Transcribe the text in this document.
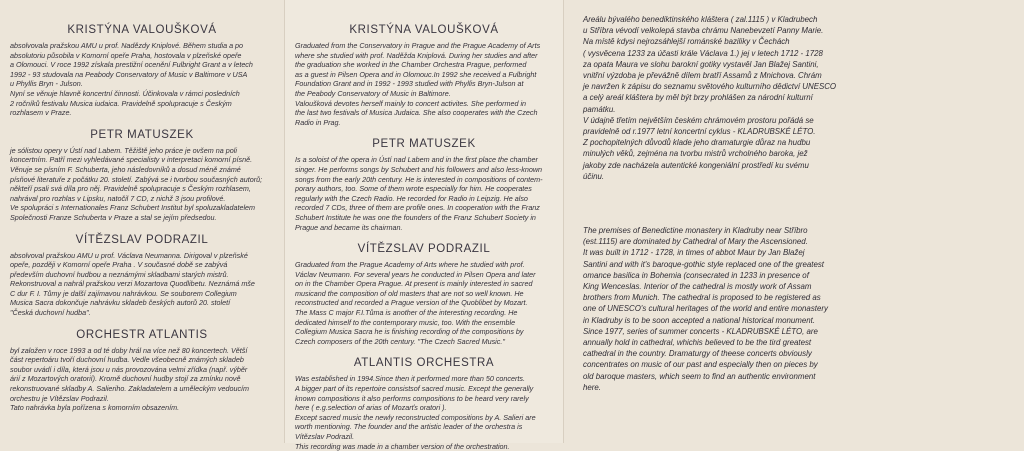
KRISTÝNA VALOUŠKOVÁ

absolvovala pražskou AMU u prof. Nadězdy Kniplové. Během studia a po
absolutoriu působila v Komorní opeře Praha, hostovala v plzeňské opeře
a Olomouci. V roce 1992 získala prestižní ocenění Fulbright Grant a v letech
1992 - 93 studovala na Peabody Conservatory of Music v Baltimore v USA
u Phyllis Bryn - Julson.
Nyní se věnuje hlavně koncertní činnosti. Účinkovala v rámci posledních
2 ročníků festivalu Musica iudaica. Pravidelně spolupracuje s Českým
rozhlasem v Praze.

PETR MATUSZEK

je sólistou opery v Ústí nad Labem. Těžiště jeho práce je ovšem na poli
koncertním. Patří mezi vyhledávané specialisty v interpretaci komorní písně.
Věnuje se písním F. Schuberta, jeho následovníků a dosud méně známé
písňové literatuře z počátku 20. století. Zabývá se i tvorbou současných autorů;
někteří psali svá díla pro něj. Pravidelně spolupracuje s Českým rozhlasem,
nahrával pro rozhlas v Lipsku, natočil 7 CD, z nichž 3 jsou profilové.
Ve spolupráci s Internationales Franz Schubert Institut byl spoluzakladatelem
Společnosti Franze Schuberta v Praze a stal se jejím předsedou.

VÍTĚZSLAV PODRAZIL

absolvoval pražskou AMU u prof. Václava Neumanna. Dirigoval v plzeňské
opeře, později v Komorní opeře Praha . V současné době se zabývá
především duchovní hudbou a neznámými skladbami starých mistrů.
Rekonstruoval a nahrál pražskou verzi Mozartova Quodlibetu. Neznámá mše
C dur F. I. Tůmy je další zajímavou nahrávkou. Se souborem Collegium
Musica Sacra dokončuje nahrávku skladeb českých autorů 20. století
"Česká duchovní hudba".

ORCHESTR ATLANTIS

byl založen v roce 1993 a od té doby hrál na více než 80 koncertech. Větší
část repertoáru tvoří duchovní hudba. Vedle všeobecně známých skladeb
soubor uvádí i díla, která jsou u nás provozována velmi zřídka (např. výběr
árií z Mozartových oratorií). Kromě duchovní hudby stojí za zmínku nově
rekonstruované skladby A. Salieriho. Zakladatelem a uměleckým vedoucím
orchestru je Vítězslav Podrazil.
Tato nahrávka byla pořízena s komorním obsazením.

KRISTÝNA VALOUŠKOVÁ

Graduated from the Conservatory in Prague and the Prague Academy of Arts
where she studied with prof. Naděžda Kniplová. During her studies and after
the graduation she worked in the Chamber Orchestra Prague, performed
as a guest in Pilsen Opera and in Olomouc.In 1992 she received a Fulbright
Foundation Grant and in 1992 - 1993 studied with Phyllis Bryn-Julson at
the Peabody Conservatory of Music in Baltimore.
Valoušková devotes herself mainly to concert activites. She performed in
the last two festivals of Musica Judaica. She also cooperates with the Czech
Radio in Prag.

PETR MATUSZEK

Is a soloist of the opera in Ústí nad Labem and in the first place the chamber
singer. He performs songs by Schubert and his followers and also less-known
songs from the early 20th century. He is interested in compositions of contem-
porary authors, too. Some of them wrote especially for him. He cooperates
regularly with the Czech Radio. He recorded for Radio in Leipzig. He also
recorded 7 CDs, three of them are profile ones. In cooperation with the Franz
Schubert Institute he was one the founders of the Franz Schubert Society in
Prague and became its chairman.

VÍTĚZSLAV PODRAZIL

Graduated from the Prague Academy of Arts where he studied with prof.
Václav Neumann. For several years he conducted in Pilsen Opera and later
on in the Chamber Opera Prague. At present is mainly interested in sacred
musicand the composition of old masters that are not so well known. He
reconstructed and recorded a Prague version of the Quoblibet by Mozart.
The Mass C major F.I.Tůma is another of the interesting recording. He
dedicated himself to the contemporary music, too. With the ensemble
Collegium Musica Sacra he is finishing recording of the compositions by
Czech composers of the 20th century. "The Czech Sacred Music."

ATLANTIS ORCHESTRA

Was established in 1994.Since then it performed more than 50 concerts.
A bigger part of its repertoire consistsof sacred music. Except the generally
known compositions it also performs compositions to be heard very rarely
here ( e.g.selection of arias of Mozarťs oratori ).
Except sacred music the newly reconstructed compositions by A. Salieri are
worth mentioning. The founder and the artistic leader of the orchestra is
Vítězslav Podrazil.
This recording was made in a chamber version of the orchestration.

Areálu bývalého benediktinského kláštera ( zal.1115 ) v Kladrubech
u Stříbra vévodí velkolepá stavba chrámu Nanebevzetí Panny Marie.
Na místě kdysi nejrozsáhlejší románské baziliky v Čechách
( vysvěcena 1233 za účasti krále Václava 1.) jej v letech 1712 - 1728
za opata Maura ve slohu barokní gotiky vystavěl Jan Blažej Santini,
vnitřní výzdoba je převážně dílem bratří Assamů z Mnichova. Chrám
je navržen k zápisu do seznamu světového kulturního dědictví UNESCO
a celý areál kláštera by měl být brzy prohlášen za národní kulturní
památku.
V údajně třetím největším českém chrámovém prostoru pořádá se
pravidelně od r.1977 letní koncertní cyklus - KLADRUBSKÉ LÉTO.
Z pochopitelných důvodů klade jeho dramaturgie důraz na hudbu
minulých věků, zejména na tvorbu mistrů vrcholného baroka, jež
jakoby zde nacházela autentické kongeniální prostředí ku svému
účinu.

The premises of Benedictine monastery in Kladruby near Stříbro
(est.1115) are dominated by Cathedral of Mary the Ascensioned.
It was built in 1712 - 1728, in times of abbot Maur by Jan Blažej
Santini and with it's baroque-gothic style replaced one of the greatest
omance basilica in Bohemia (consecrated in 1233 in presence of
King Wenceslas. Interior of the cathedral is mostly work of Assam
brothers from Munich. The cathedral is proposed to be registered as
one of UNESCO's cultural heritages of the world and entire monastery
in Kladruby is to be soon accepted a national historical monument.
Since 1977, series of summer concerts - KLADRUBSKÉ LÉTO, are
annually hold in cathedral, whichis believed to be the tird greatest
cathedral in the country. Dramaturgy of theese concerts obviously
concentrates on music of our past and especially then on pieces by
old baroque masters, which seem to find an authentic environment
here.
